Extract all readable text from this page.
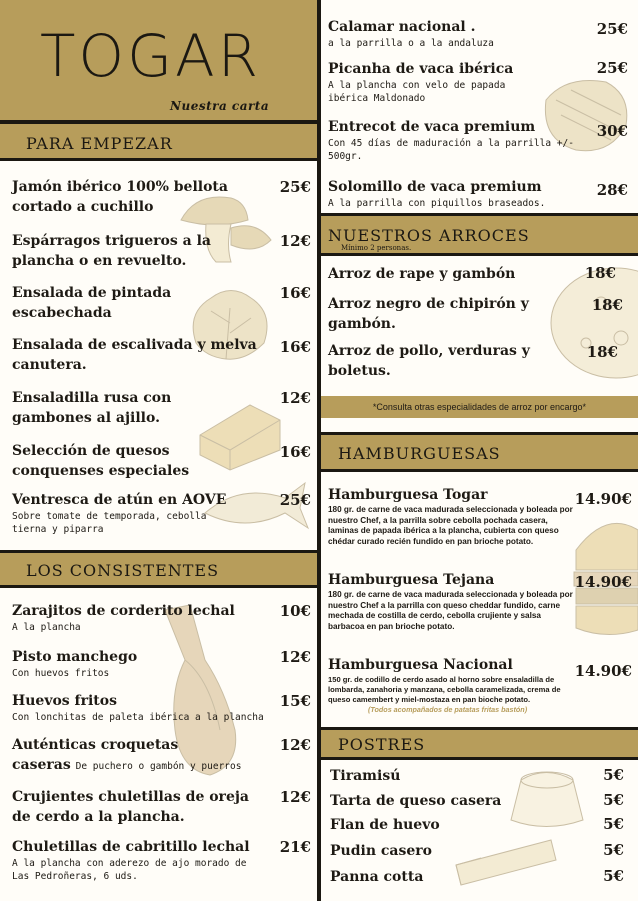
TOGAR
Nuestra carta
PARA EMPEZAR
Jamón ibérico 100% bellota cortado a cuchillo
25€
Espárragos trigueros a la plancha o en revuelto.
12€
Ensalada de pintada escabechada
16€
Ensalada de escalivada y melva canutera.
16€
Ensaladilla rusa con gambones al ajillo.
12€
Selección de quesos conquenses especiales
16€
Ventresca de atún en AOVE
Sobre tomate de temporada, cebolla tierna y piparra
25€
LOS CONSISTENTES
Zarajitos de corderito lechal
A la plancha
10€
Pisto manchego
Con huevos fritos
12€
Huevos fritos
Con lonchitas de paleta ibérica a la plancha
15€
Auténticas croquetas
caseras De puchero o gambón y puerros
12€
Crujientes chuletillas de oreja de cerdo a la plancha.
12€
Chuletillas de cabritillo lechal
A la plancha con aderezo de ajo morado de Las Pedroñeras, 6 uds.
21€
Calamar nacional .
a la parrilla o a la andaluza
25€
Picanha de vaca ibérica
A la plancha con velo de papada ibérica Maldonado
25€
Entrecot de vaca premium
Con 45 días de maduración a la parrilla +/- 500gr.
30€
Solomillo de vaca premium
A la parrilla con piquillos braseados.
28€
NUESTROS ARROCES
Mínimo 2 personas.
Arroz de rape y gambón	18€
Arroz negro de chipirón y gambón.
18€
Arroz de pollo, verduras y boletus.
18€
*Consulta otras especialidades de arroz por encargo*
HAMBURGUESAS
Hamburguesa Togar
180 gr. de carne de vaca madurada seleccionada y boleada por nuestro Chef, a la parrilla sobre cebolla pochada casera, laminas de papada ibérica a la plancha, cubierta con queso chédar curado recién fundido en pan brioche potato.
14.90€
Hamburguesa Tejana
180 gr. de carne de vaca madurada seleccionada y boleada por nuestro Chef a la parrilla con queso cheddar fundido, carne mechada de costilla de cerdo, cebolla crujiente y salsa barbacoa en pan brioche potato.
14.90€
Hamburguesa Nacional
150 gr. de codillo de cerdo asado al horno sobre ensaladilla de lombarda, zanahoria y manzana, cebolla caramelizada, crema de queso camembert y miel-mostaza en pan bioche potato.
(Todos acompañados de patatas fritas bastón)
14.90€
POSTRES
Tiramisú	5€
Tarta de queso casera	5€
Flan de huevo	5€
Pudin casero	5€
Panna cotta	5€
